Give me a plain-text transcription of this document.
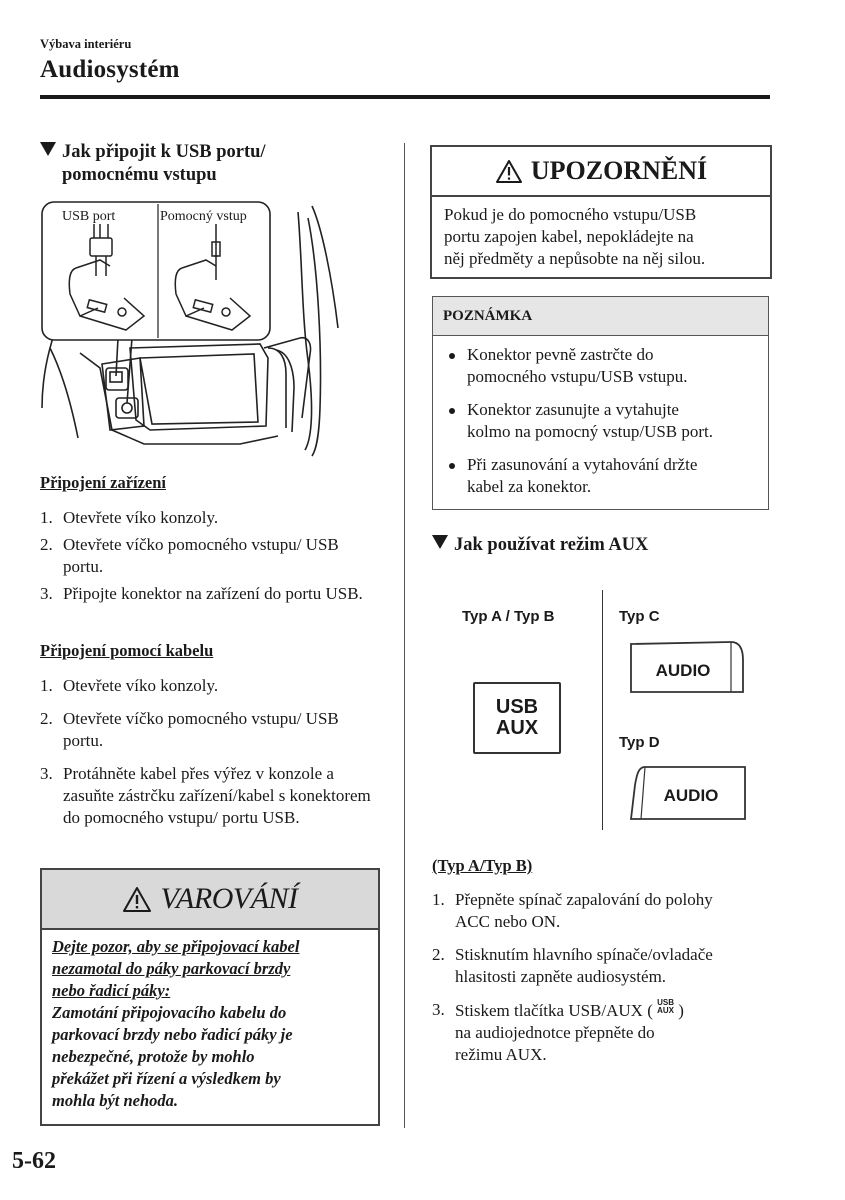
Výbava interiéru
Audiosystém
Jak připojit k USB portu/
pomocnému vstupu
USB port	Pomocný vstup
Připojení zařízení
1. Otevřete víko konzoly.
2. Otevřete víčko pomocného vstupu/ USB portu.
3. Připojte konektor na zařízení do portu USB.
Připojení pomocí kabelu
1. Otevřete víko konzoly.
2. Otevřete víčko pomocného vstupu/ USB portu.
3. Protáhněte kabel přes výřez v konzole a zasuňte zástrčku zařízení/kabel s konektorem do pomocného vstupu/ portu USB.
VAROVÁNÍ
Dejte pozor, aby se připojovací kabel
nezamotal do páky parkovací brzdy
nebo řadicí páky:
Zamotání připojovacího kabelu do
parkovací brzdy nebo řadicí páky je
nebezpečné, protože by mohlo
překážet při řízení a výsledkem by
mohla být nehoda.
UPOZORNĚNÍ
Pokud je do pomocného vstupu/USB
portu zapojen kabel, nepokládejte na
něj předměty a nepůsobte na něj silou.
POZNÁMKA
Konektor pevně zastrčte do
pomocného vstupu/USB vstupu.
Konektor zasunujte a vytahujte
kolmo na pomocný vstup/USB port.
Při zasunování a vytahování držte
kabel za konektor.
Jak používat režim AUX
Typ A / Typ B	Typ C
Typ D
USB
AUX
AUDIO
AUDIO
(Typ A/Typ B)
1. Přepněte spínač zapalování do polohy
ACC nebo ON.
2. Stisknutím hlavního spínače/ovladače
hlasitosti zapněte audiosystém.
3. Stiskem tlačítka USB/AUX ( USB
AUX )
na audiojednotce přepněte do
režimu AUX.
5-62
